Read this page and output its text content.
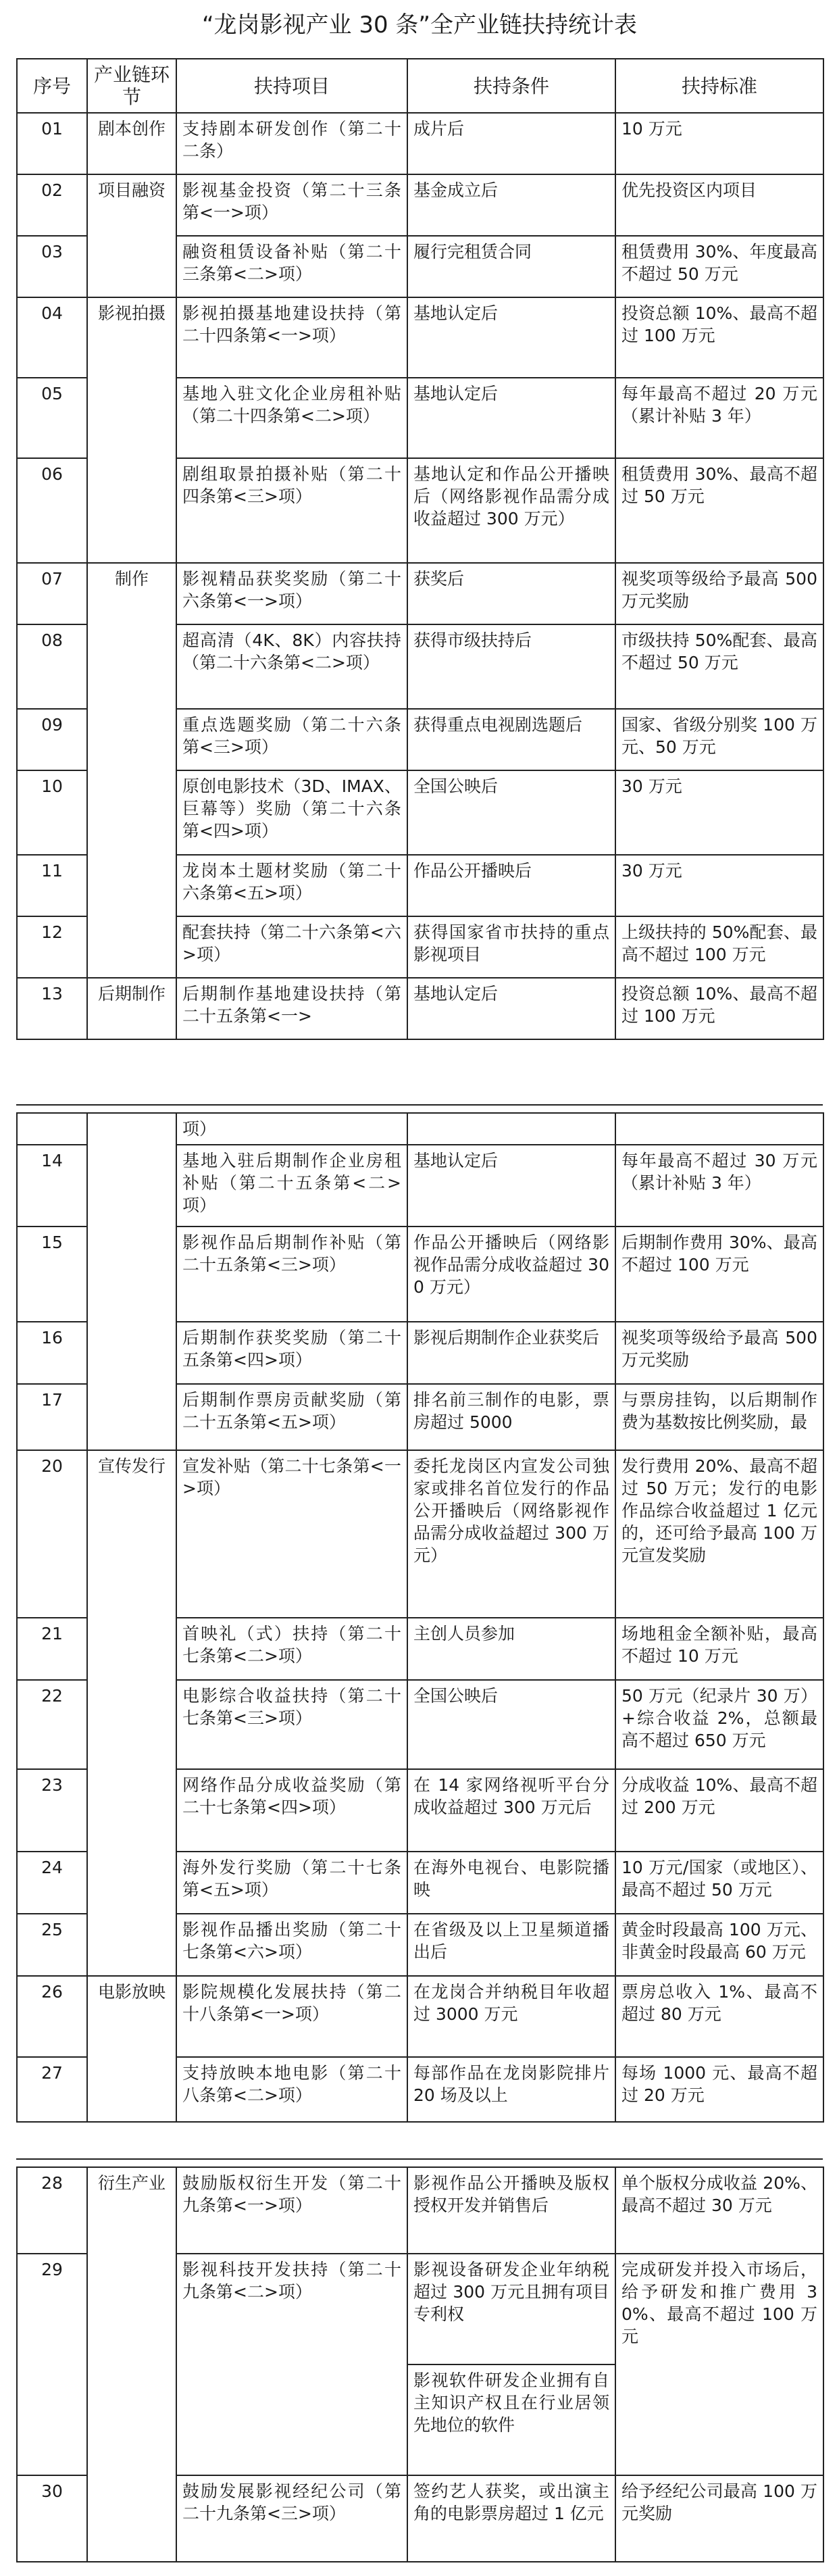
“龙岗影视产业 30 条”全产业链扶持统计表
序号	产业链环节	扶持项目	扶持条件	扶持标准
01	剧本创作	支持剧本研发创作（第二十二条）	成片后	10 万元
02	项目融资	影视基金投资（第二十三条第<一>项）	基金成立后	优先投资区内项目
03		融资租赁设备补贴（第二十三条第<二>项）	履行完租赁合同	租赁费用 30%、年度最高不超过 50 万元
04	影视拍摄	影视拍摄基地建设扶持（第二十四条第<一>项）	基地认定后	投资总额 10%、最高不超过 100 万元
05		基地入驻文化企业房租补贴（第二十四条第<二>项）	基地认定后	每年最高不超过 20 万元（累计补贴 3 年）
06		剧组取景拍摄补贴（第二十四条第<三>项）	基地认定和作品公开播映后（网络影视作品需分成收益超过 300 万元）	租赁费用 30%、最高不超过 50 万元
07	制作	影视精品获奖奖励（第二十六条第<一>项）	获奖后	视奖项等级给予最高 500 万元奖励
08		超高清（4K、8K）内容扶持（第二十六条第<二>项）	获得市级扶持后	市级扶持 50%配套、最高不超过 50 万元
09		重点选题奖励（第二十六条第<三>项）	获得重点电视剧选题后	国家、省级分别奖 100 万元、50 万元
10		原创电影技术（3D、IMAX、巨幕等）奖励（第二十六条第<四>项）	全国公映后	30 万元
11		龙岗本土题材奖励（第二十六条第<五>项）	作品公开播映后	30 万元
12		配套扶持（第二十六条第<六>项）	获得国家省市扶持的重点影视项目	上级扶持的 50%配套、最高不超过 100 万元
13	后期制作	后期制作基地建设扶持（第二十五条第<一>	基地认定后	投资总额 10%、最高不超过 100 万元
		项）		
14		基地入驻后期制作企业房租补贴（第二十五条第<二>项）	基地认定后	每年最高不超过 30 万元（累计补贴 3 年）
15		影视作品后期制作补贴（第二十五条第<三>项）	作品公开播映后（网络影视作品需分成收益超过 300 万元）	后期制作费用 30%、最高不超过 100 万元
16		后期制作获奖奖励（第二十五条第<四>项）	影视后期制作企业获奖后	视奖项等级给予最高 500 万元奖励
17		后期制作票房贡献奖励（第二十五条第<五>项）	排名前三制作的电影，票房超过 5000	与票房挂钩，以后期制作费为基数按比例奖励，最
20	宣传发行	宣发补贴（第二十七条第<一>项）	委托龙岗区内宣发公司独家或排名首位发行的作品公开播映后（网络影视作品需分成收益超过 300 万元）	发行费用 20%、最高不超过 50 万元；发行的电影作品综合收益超过 1 亿元的，还可给予最高 100 万元宣发奖励
21		首映礼（式）扶持（第二十七条第<二>项）	主创人员参加	场地租金全额补贴，最高不超过 10 万元
22		电影综合收益扶持（第二十七条第<三>项）	全国公映后	50 万元（纪录片 30 万）+综合收益 2%，总额最高不超过 650 万元
23		网络作品分成收益奖励（第二十七条第<四>项）	在 14 家网络视听平台分成收益超过 300 万元后	分成收益 10%、最高不超过 200 万元
24		海外发行奖励（第二十七条第<五>项）	在海外电视台、电影院播映	10 万元/国家（或地区）、最高不超过 50 万元
25		影视作品播出奖励（第二十七条第<六>项）	在省级及以上卫星频道播出后	黄金时段最高 100 万元、非黄金时段最高 60 万元
26	电影放映	影院规模化发展扶持（第二十八条第<一>项）	在龙岗合并纳税目年收超过 3000 万元	票房总收入 1%、最高不超过 80 万元
27		支持放映本地电影（第二十八条第<二>项）	每部作品在龙岗影院排片 20 场及以上	每场 1000 元、最高不超过 20 万元
28	衍生产业	鼓励版权衍生开发（第二十九条第<一>项）	影视作品公开播映及版权授权开发并销售后	单个版权分成收益 20%、最高不超过 30 万元
29		影视科技开发扶持（第二十九条第<二>项）	影视设备研发企业年纳税超过 300 万元且拥有项目专利权	完成研发并投入市场后，给予研发和推广费用 30%、最高不超过 100 万元
			影视软件研发企业拥有自主知识产权且在行业居领先地位的软件	
30		鼓励发展影视经纪公司（第二十九条第<三>项）	签约艺人获奖，或出演主角的电影票房超过 1 亿元	给予经纪公司最高 100 万元奖励
